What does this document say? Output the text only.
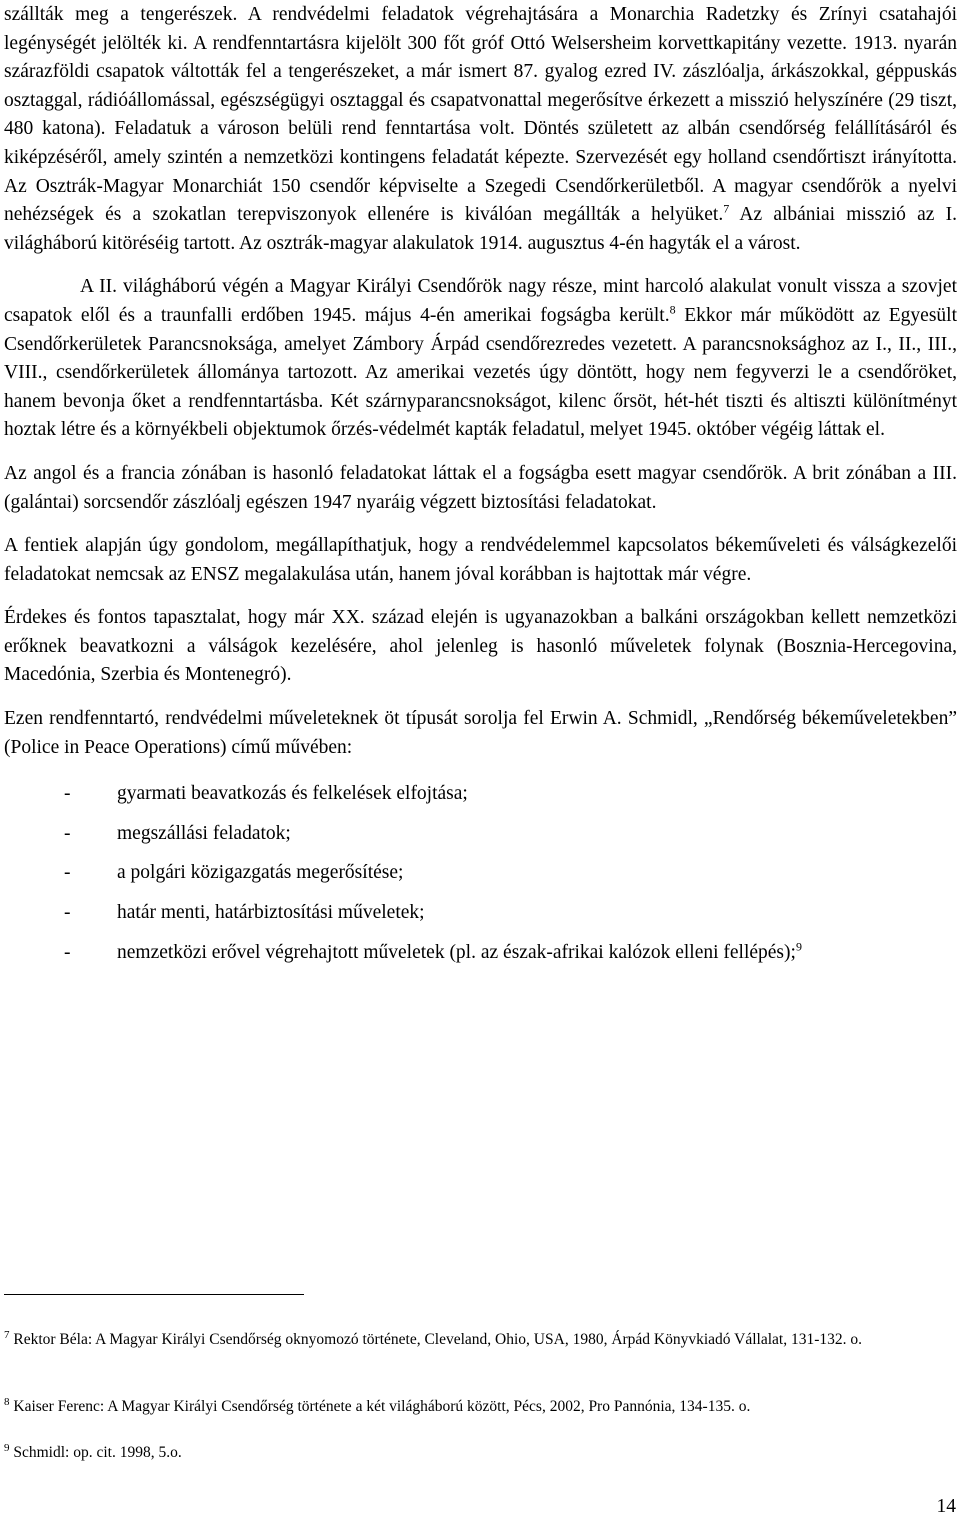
szállták meg a tengerészek. A rendvédelmi feladatok végrehajtására a Monarchia Radetzky és Zrínyi csatahajói legénységét jelölték ki. A rendfenntartásra kijelölt 300 főt gróf Ottó Welsersheim korvettkapitány vezette. 1913. nyarán szárazföldi csapatok váltották fel a tengerészeket, a már ismert 87. gyalog ezred IV. zászlóalja, árkászokkal, géppuskás osztaggal, rádióállomással, egészségügyi osztaggal és csapatvonattal megerősítve érkezett a misszió helyszínére (29 tiszt, 480 katona). Feladatuk a városon belüli rend fenntartása volt. Döntés született az albán csendőrség felállításáról és kiképzéséről, amely szintén a nemzetközi kontingens feladatát képezte. Szervezését egy holland csendőrtiszt irányította. Az Osztrák-Magyar Monarchiát 150 csendőr képviselte a Szegedi Csendőrkerületből. A magyar csendőrök a nyelvi nehézségek és a szokatlan terepviszonyok ellenére is kiválóan megállták a helyüket.$^7$ Az albániai misszió az I. világháború kitöréséig tartott. Az osztrák-magyar alakulatok 1914. augusztus 4-én hagyták el a várost.

A II. világháború végén a Magyar Királyi Csendőrök nagy része, mint harcoló alakulat vonult vissza a szovjet csapatok elől és a traunfalli erdőben 1945. május 4-én amerikai fogságba került.$^8$ Ekkor már működött az Egyesült Csendőrkerületek Parancsnoksága, amelyet Zámbory Árpád csendőrezredes vezetett. A parancsnoksághoz az I., II., III., VIII., csendőrkerületek állománya tartozott. Az amerikai vezetés úgy döntött, hogy nem fegyverzi le a csendőröket, hanem bevonja őket a rendfenntartásba. Két szárnyparancsnokságot, kilenc őrsöt, hét-hét tiszti és altiszti különítményt hoztak létre és a környékbeli objektumok őrzés-védelmét kapták feladatul, melyet 1945. október végéig láttak el.

Az angol és a francia zónában is hasonló feladatokat láttak el a fogságba esett magyar csendőrök. A brit zónában a III. (galántai) sorcsendőr zászlóalj egészen 1947 nyaráig végzett biztosítási feladatokat.

A fentiek alapján úgy gondolom, megállapíthatjuk, hogy a rendvédelemmel kapcsolatos békeműveleti és válságkezelői feladatokat nemcsak az ENSZ megalakulása után, hanem jóval korábban is hajtottak már végre.

Érdekes és fontos tapasztalat, hogy már XX. század elején is ugyanazokban a balkáni országokban kellett nemzetközi erőknek beavatkozni a válságok kezelésére, ahol jelenleg is hasonló műveletek folynak (Bosznia-Hercegovina, Macedónia, Szerbia és Montenegró).

Ezen rendfenntartó, rendvédelmi műveleteknek öt típusát sorolja fel Erwin A. Schmidl, „Rendőrség békeműveletekben” (Police in Peace Operations) című művében:

- gyarmati beavatkozás és felkelések elfojtása;
- megszállási feladatok;
- a polgári közigazgatás megerősítése;
- határ menti, határbiztosítási műveletek;
- nemzetközi erővel végrehajtott műveletek (pl. az észak-afrikai kalózok elleni fellépés);$^9$

$^7$ Rektor Béla: A Magyar Királyi Csendőrség oknyomozó története, Cleveland, Ohio, USA, 1980, Árpád Könyvkiadó Vállalat, 131-132. o.

$^8$ Kaiser Ferenc: A Magyar Királyi Csendőrség története a két világháború között, Pécs, 2002, Pro Pannónia, 134-135. o.

$^9$ Schmidl: op. cit. 1998, 5.o.

14
